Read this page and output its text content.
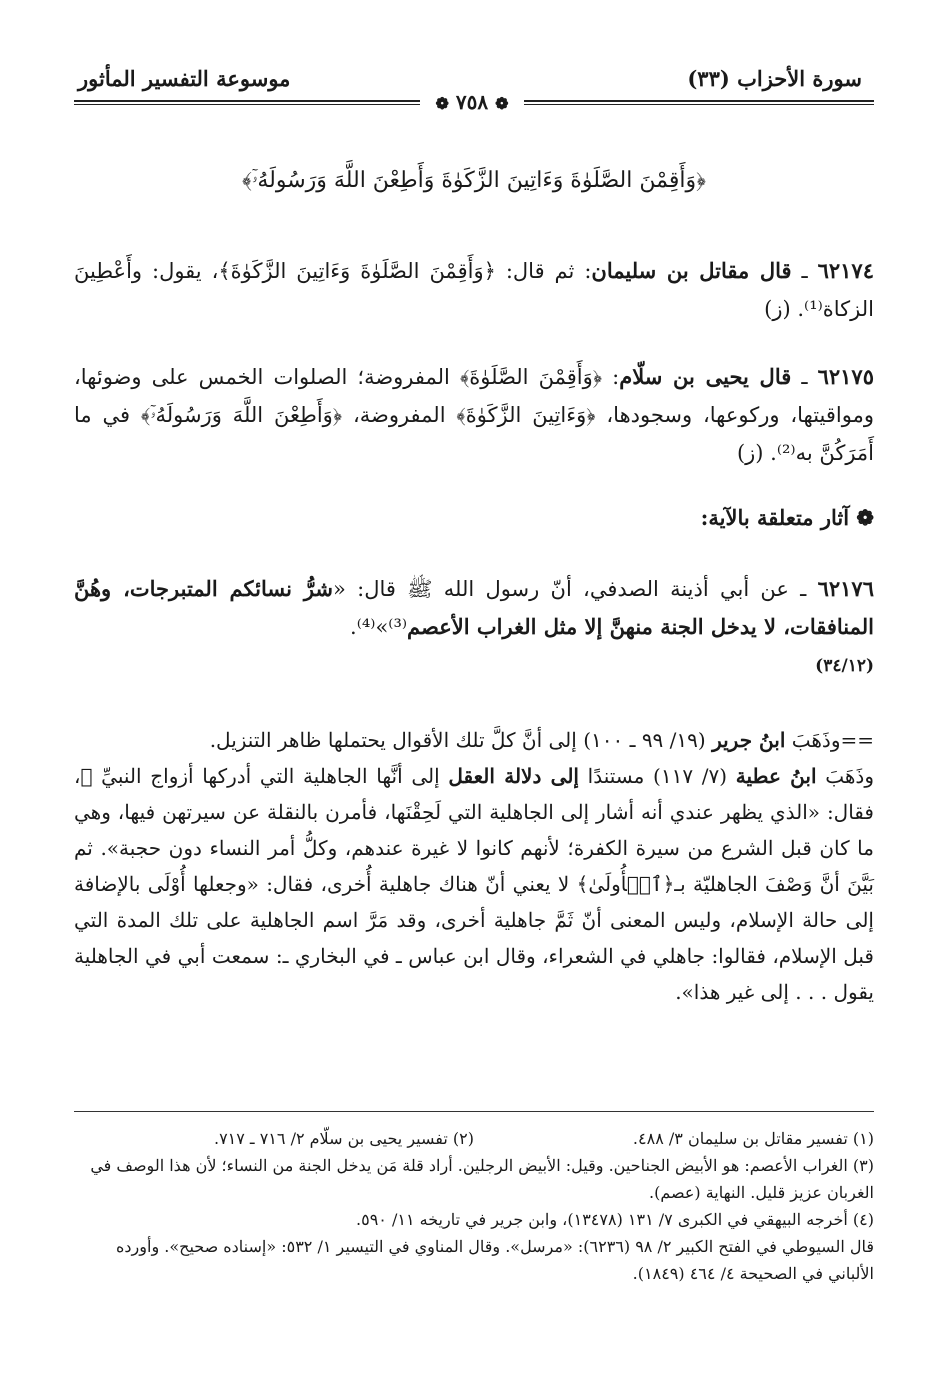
سورة الأحزاب (٣٣)
موسوعة التفسير المأثور
❁ ٧٥٨ ❁
﴿وَأَقِمْنَ الصَّلَوٰةَ وَءَاتِينَ الزَّكَوٰةَ وَأَطِعْنَ اللَّهَ وَرَسُولَهُۥٓ﴾
٦٢١٧٤ ـ قال مقاتل بن سليمان: ثم قال: ﴿وَأَقِمْنَ الصَّلَوٰةَ وَءَاتِينَ الزَّكَوٰةَ﴾، يقول: وأَعْطِينَ الزكاة⁽¹⁾. (ز)
٦٢١٧٥ ـ قال يحيى بن سلّام: ﴿وَأَقِمْنَ الصَّلَوٰةَ﴾ المفروضة؛ الصلوات الخمس على وضوئها، ومواقيتها، وركوعها، وسجودها، ﴿وَءَاتِينَ الزَّكَوٰةَ﴾ المفروضة، ﴿وَأَطِعْنَ اللَّهَ وَرَسُولَهُۥٓ﴾ في ما أَمَرَكُنَّ به⁽²⁾. (ز)
❁ آثار متعلقة بالآية:
٦٢١٧٦ ـ عن أبي أذينة الصدفي، أنّ رسول الله ﷺ قال: «شرُّ نسائكم المتبرجات، وهُنَّ المنافقات، لا يدخل الجنة منهنَّ إلا مثل الغراب الأعصم⁽³⁾»⁽⁴⁾.
(٣٤/١٢)
==وذَهَبَ ابنُ جرير (١٩/ ٩٩ ـ ١٠٠) إلى أنَّ كلَّ تلك الأقوال يحتملها ظاهر التنزيل.
وذَهَبَ ابنُ عطية (٧/ ١١٧) مستندًا إلى دلالة العقل إلى أنَّها الجاهلية التي أدركها أزواج النبيِّ ﷺ، فقال: «الذي يظهر عندي أنه أشار إلى الجاهلية التي لَحِقْنَها، فأمرن بالنقلة عن سيرتهن فيها، وهي ما كان قبل الشرع من سيرة الكفرة؛ لأنهم كانوا لا غيرة عندهم، وكلُّ أمر النساء دون حجبة». ثم بَيَّنَ أنَّ وَصْفَ الجاهليّة بـ﴿ٱلۡأُولَىٰ﴾ لا يعني أنّ هناك جاهلية أُخرى، فقال: «وجعلها أُوْلَى بالإضافة إلى حالة الإسلام، وليس المعنى أنّ ثَمَّ جاهلية أخرى، وقد مَرَّ اسم الجاهلية على تلك المدة التي قبل الإسلام، فقالوا: جاهلي في الشعراء، وقال ابن عباس ـ في البخاري ـ: سمعت أبي في الجاهلية يقول . . . إلى غير هذا».
(١) تفسير مقاتل بن سليمان ٣/ ٤٨٨.
(٢) تفسير يحيى بن سلّام ٢/ ٧١٦ ـ ٧١٧.
(٣) الغراب الأعصم: هو الأبيض الجناحين. وقيل: الأبيض الرجلين. أراد قلة مَن يدخل الجنة من النساء؛ لأن هذا الوصف في الغربان عزيز قليل. النهاية (عصم).
(٤) أخرجه البيهقي في الكبرى ٧/ ١٣١ (١٣٤٧٨)، وابن جرير في تاريخه ١١/ ٥٩٠.
قال السيوطي في الفتح الكبير ٢/ ٩٨ (٦٢٣٦): «مرسل». وقال المناوي في التيسير ١/ ٥٣٢: «إسناده صحيح». وأورده الألباني في الصحيحة ٤/ ٤٦٤ (١٨٤٩).
